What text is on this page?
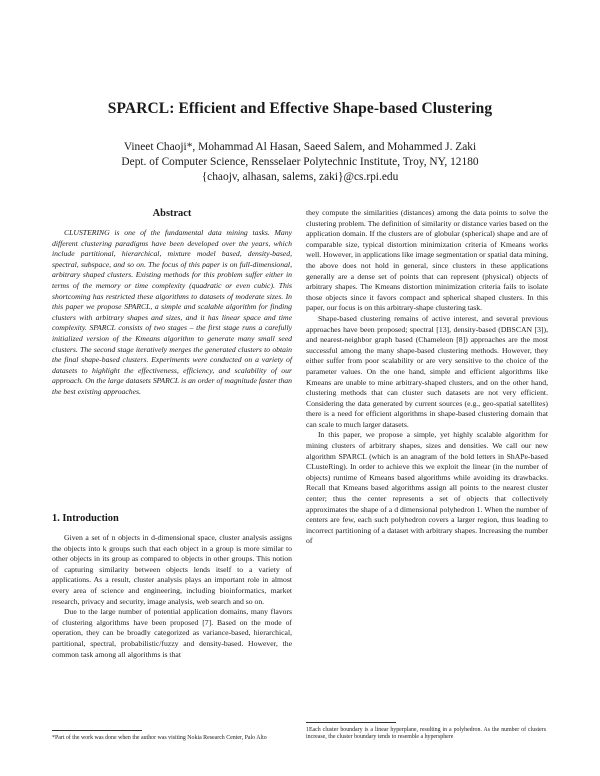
SPARCL: Efficient and Effective Shape-based Clustering
Vineet Chaoji*, Mohammad Al Hasan, Saeed Salem, and Mohammed J. Zaki
Dept. of Computer Science, Rensselaer Polytechnic Institute, Troy, NY, 12180
{chaojv, alhasan, salems, zaki}@cs.rpi.edu
Abstract

CLUSTERING is one of the fundamental data mining tasks. Many different clustering paradigms have been developed over the years, which include partitional, hierarchical, mixture model based, density-based, spectral, subspace, and so on. The focus of this paper is on full-dimensional, arbitrary shaped clusters. Existing methods for this problem suffer either in terms of the memory or time complexity (quadratic or even cubic). This shortcoming has restricted these algorithms to datasets of moderate sizes. In this paper we propose SPARCL, a simple and scalable algorithm for finding clusters with arbitrary shapes and sizes, and it has linear space and time complexity. SPARCL consists of two stages – the first stage runs a carefully initialized version of the Kmeans algorithm to generate many small seed clusters. The second stage iteratively merges the generated clusters to obtain the final shape-based clusters. Experiments were conducted on a variety of datasets to highlight the effectiveness, efficiency, and scalability of our approach. On the large datasets SPARCL is an order of magnitude faster than the best existing approaches.

1. Introduction

Given a set of n objects in d-dimensional space, cluster analysis assigns the objects into k groups such that each object in a group is more similar to other objects in its group as compared to objects in other groups. This notion of capturing similarity between objects lends itself to a variety of applications. As a result, cluster analysis plays an important role in almost every area of science and engineering, including bioinformatics, market research, privacy and security, image analysis, web search and so on.

Due to the large number of potential application domains, many flavors of clustering algorithms have been proposed [7]. Based on the mode of operation, they can be broadly categorized as variance-based, hierarchical, partitional, spectral, probabilistic/fuzzy and density-based. However, the common task among all algorithms is that

they compute the similarities (distances) among the data points to solve the clustering problem. The definition of similarity or distance varies based on the application domain. If the clusters are of globular (spherical) shape and are of comparable size, typical distortion minimization criteria of Kmeans works well. However, in applications like image segmentation or spatial data mining, the above does not hold in general, since clusters in these applications generally are a dense set of points that can represent (physical) objects of arbitrary shapes. The Kmeans distortion minimization criteria fails to isolate those objects since it favors compact and spherical shaped clusters. In this paper, our focus is on this arbitrary-shape clustering task.

Shape-based clustering remains of active interest, and several previous approaches have been proposed; spectral [13], density-based (DBSCAN [3]), and nearest-neighbor graph based (Chameleon [8]) approaches are the most successful among the many shape-based clustering methods. However, they either suffer from poor scalability or are very sensitive to the choice of the parameter values. On the one hand, simple and efficient algorithms like Kmeans are unable to mine arbitrary-shaped clusters, and on the other hand, clustering methods that can cluster such datasets are not very efficient. Considering the data generated by current sources (e.g., geo-spatial satellites) there is a need for efficient algorithms in shape-based clustering domain that can scale to much larger datasets.

In this paper, we propose a simple, yet highly scalable algorithm for mining clusters of arbitrary shapes, sizes and densities. We call our new algorithm SPARCL (which is an anagram of the bold letters in ShAPe-based CLusteRing). In order to achieve this we exploit the linear (in the number of objects) runtime of Kmeans based algorithms while avoiding its drawbacks. Recall that Kmeans based algorithms assign all points to the nearest cluster center; thus the center represents a set of objects that collectively approximates the shape of a d dimensional polyhedron 1. When the number of centers are few, each such polyhedron covers a larger region, thus leading to incorrect partitioning of a dataset with arbitrary shapes. Increasing the number of

*Part of the work was done when the author was visiting Nokia Research Center, Palo Alto
1Each cluster boundary is a linear hyperplane, resulting in a polyhedron. As the number of clusters increase, the cluster boundary tends to resemble a hypersphere
